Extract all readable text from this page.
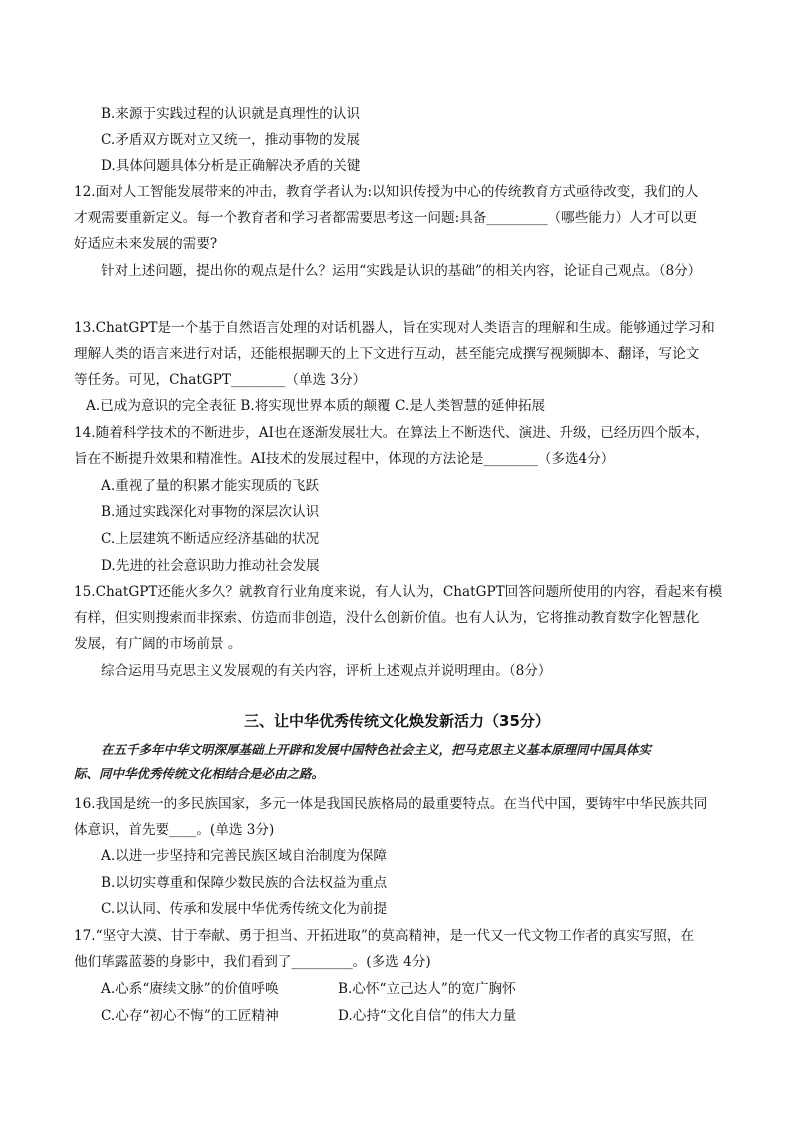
B.来源于实践过程的认识就是真理性的认识
C.矛盾双方既对立又统一，推动事物的发展
D.具体问题具体分析是正确解决矛盾的关键
12.面对人工智能发展带来的冲击，教育学者认为:以知识传授为中心的传统教育方式亟待改变，我们的人
才观需要重新定义。每一个教育者和学习者都需要思考这一问题:具备_________（哪些能力）人才可以更
好适应未来发展的需要?
针对上述问题，提出你的观点是什么？运用“实践是认识的基础”的相关内容，论证自己观点。（8分）
13.ChatGPT是一个基于自然语言处理的对话机器人，旨在实现对人类语言的理解和生成。能够通过学习和
理解人类的语言来进行对话，还能根据聊天的上下文进行互动，甚至能完成撰写视频脚本、翻译，写论文
等任务。可见，ChatGPT________（单选 3分）
A.已成为意识的完全表征 B.将实现世界本质的颠覆 C.是人类智慧的延伸拓展
14.随着科学技术的不断进步，AI也在逐渐发展壮大。在算法上不断迭代、演进、升级，已经历四个版本，
旨在不断提升效果和精准性。AI技术的发展过程中，体现的方法论是________（多选4分）
A.重视了量的积累才能实现质的飞跃
B.通过实践深化对事物的深层次认识
C.上层建筑不断适应经济基础的状况
D.先进的社会意识助力推动社会发展
15.ChatGPT还能火多久？就教育行业角度来说，有人认为，ChatGPT回答问题所使用的内容，看起来有模
有样，但实则搜索而非探索、仿造而非创造，没什么创新价值。也有人认为，它将推动教育数字化智慧化
发展，有广阔的市场前景 。
综合运用马克思主义发展观的有关内容，评析上述观点并说明理由。（8分）
三、让中华优秀传统文化焕发新活力（35分）
在五千多年中华文明深厚基础上开辟和发展中国特色社会主义，把马克思主义基本原理同中国具体实
际、同中华优秀传统文化相结合是必由之路。
16.我国是统一的多民族国家，多元一体是我国民族格局的最重要特点。在当代中国，要铸牢中华民族共同
体意识，首先要____。(单选 3分)
A.以进一步坚持和完善民族区域自治制度为保障
B.以切实尊重和保障少数民族的合法权益为重点
C.以认同、传承和发展中华优秀传统文化为前提
17.“坚守大漠、甘于奉献、勇于担当、开拓进取”的莫高精神，是一代又一代文物工作者的真实写照，在
他们荜露蓝蒌的身影中，我们看到了_________。(多选 4分)
A.心系“赓续文脉”的价值呼唤	B.心怀“立己达人”的宽广胸怀
C.心存“初心不悔”的工匠精神	D.心持“文化自信”的伟大力量
